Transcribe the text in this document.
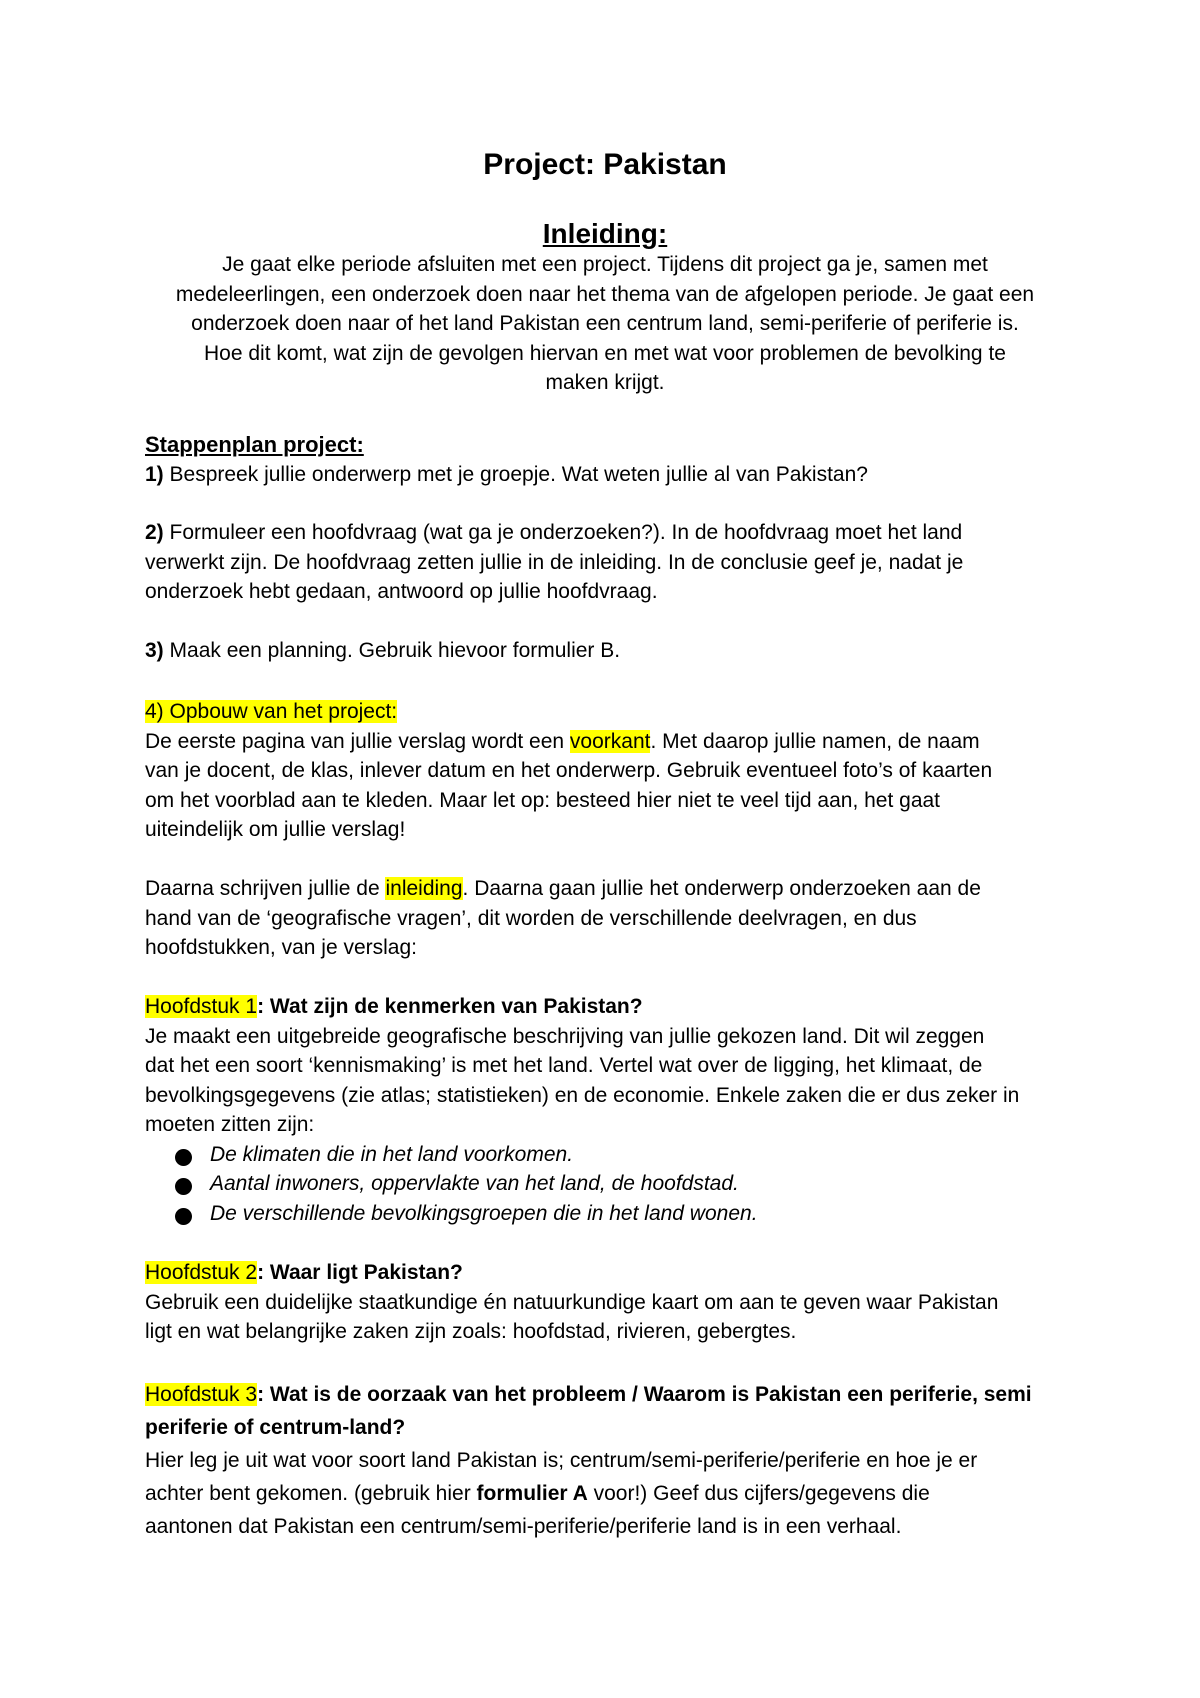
Project: Pakistan
Inleiding:
Je gaat elke periode afsluiten met een project. Tijdens dit project ga je, samen met
medeleerlingen, een onderzoek doen naar het thema van de afgelopen periode. Je gaat een
onderzoek doen naar of het land Pakistan een centrum land, semi-periferie of periferie is.
Hoe dit komt, wat zijn de gevolgen hiervan en met wat voor problemen de bevolking te
maken krijgt.
Stappenplan project:
1) Bespreek jullie onderwerp met je groepje. Wat weten jullie al van Pakistan?
2) Formuleer een hoofdvraag (wat ga je onderzoeken?). In de hoofdvraag moet het land
verwerkt zijn. De hoofdvraag zetten jullie in de inleiding. In de conclusie geef je, nadat je
onderzoek hebt gedaan, antwoord op jullie hoofdvraag.
3) Maak een planning. Gebruik hievoor formulier B.
4) Opbouw van het project:
De eerste pagina van jullie verslag wordt een voorkant. Met daarop jullie namen, de naam
van je docent, de klas, inlever datum en het onderwerp. Gebruik eventueel foto’s of kaarten
om het voorblad aan te kleden. Maar let op: besteed hier niet te veel tijd aan, het gaat
uiteindelijk om jullie verslag!
Daarna schrijven jullie de inleiding. Daarna gaan jullie het onderwerp onderzoeken aan de
hand van de ‘geografische vragen’, dit worden de verschillende deelvragen, en dus
hoofdstukken, van je verslag:
Hoofdstuk 1: Wat zijn de kenmerken van Pakistan?
Je maakt een uitgebreide geografische beschrijving van jullie gekozen land. Dit wil zeggen
dat het een soort ‘kennismaking’ is met het land. Vertel wat over de ligging, het klimaat, de
bevolkingsgegevens (zie atlas; statistieken) en de economie. Enkele zaken die er dus zeker in
moeten zitten zijn:
De klimaten die in het land voorkomen.
Aantal inwoners, oppervlakte van het land, de hoofdstad.
De verschillende bevolkingsgroepen die in het land wonen.
Hoofdstuk 2: Waar ligt Pakistan?
Gebruik een duidelijke staatkundige én natuurkundige kaart om aan te geven waar Pakistan
ligt en wat belangrijke zaken zijn zoals: hoofdstad, rivieren, gebergtes.
Hoofdstuk 3: Wat is de oorzaak van het probleem / Waarom is Pakistan een periferie, semi
periferie of centrum-land?
Hier leg je uit wat voor soort land Pakistan is; centrum/semi-periferie/periferie en hoe je er
achter bent gekomen. (gebruik hier formulier A voor!) Geef dus cijfers/gegevens die
aantonen dat Pakistan een centrum/semi-periferie/periferie land is in een verhaal.
